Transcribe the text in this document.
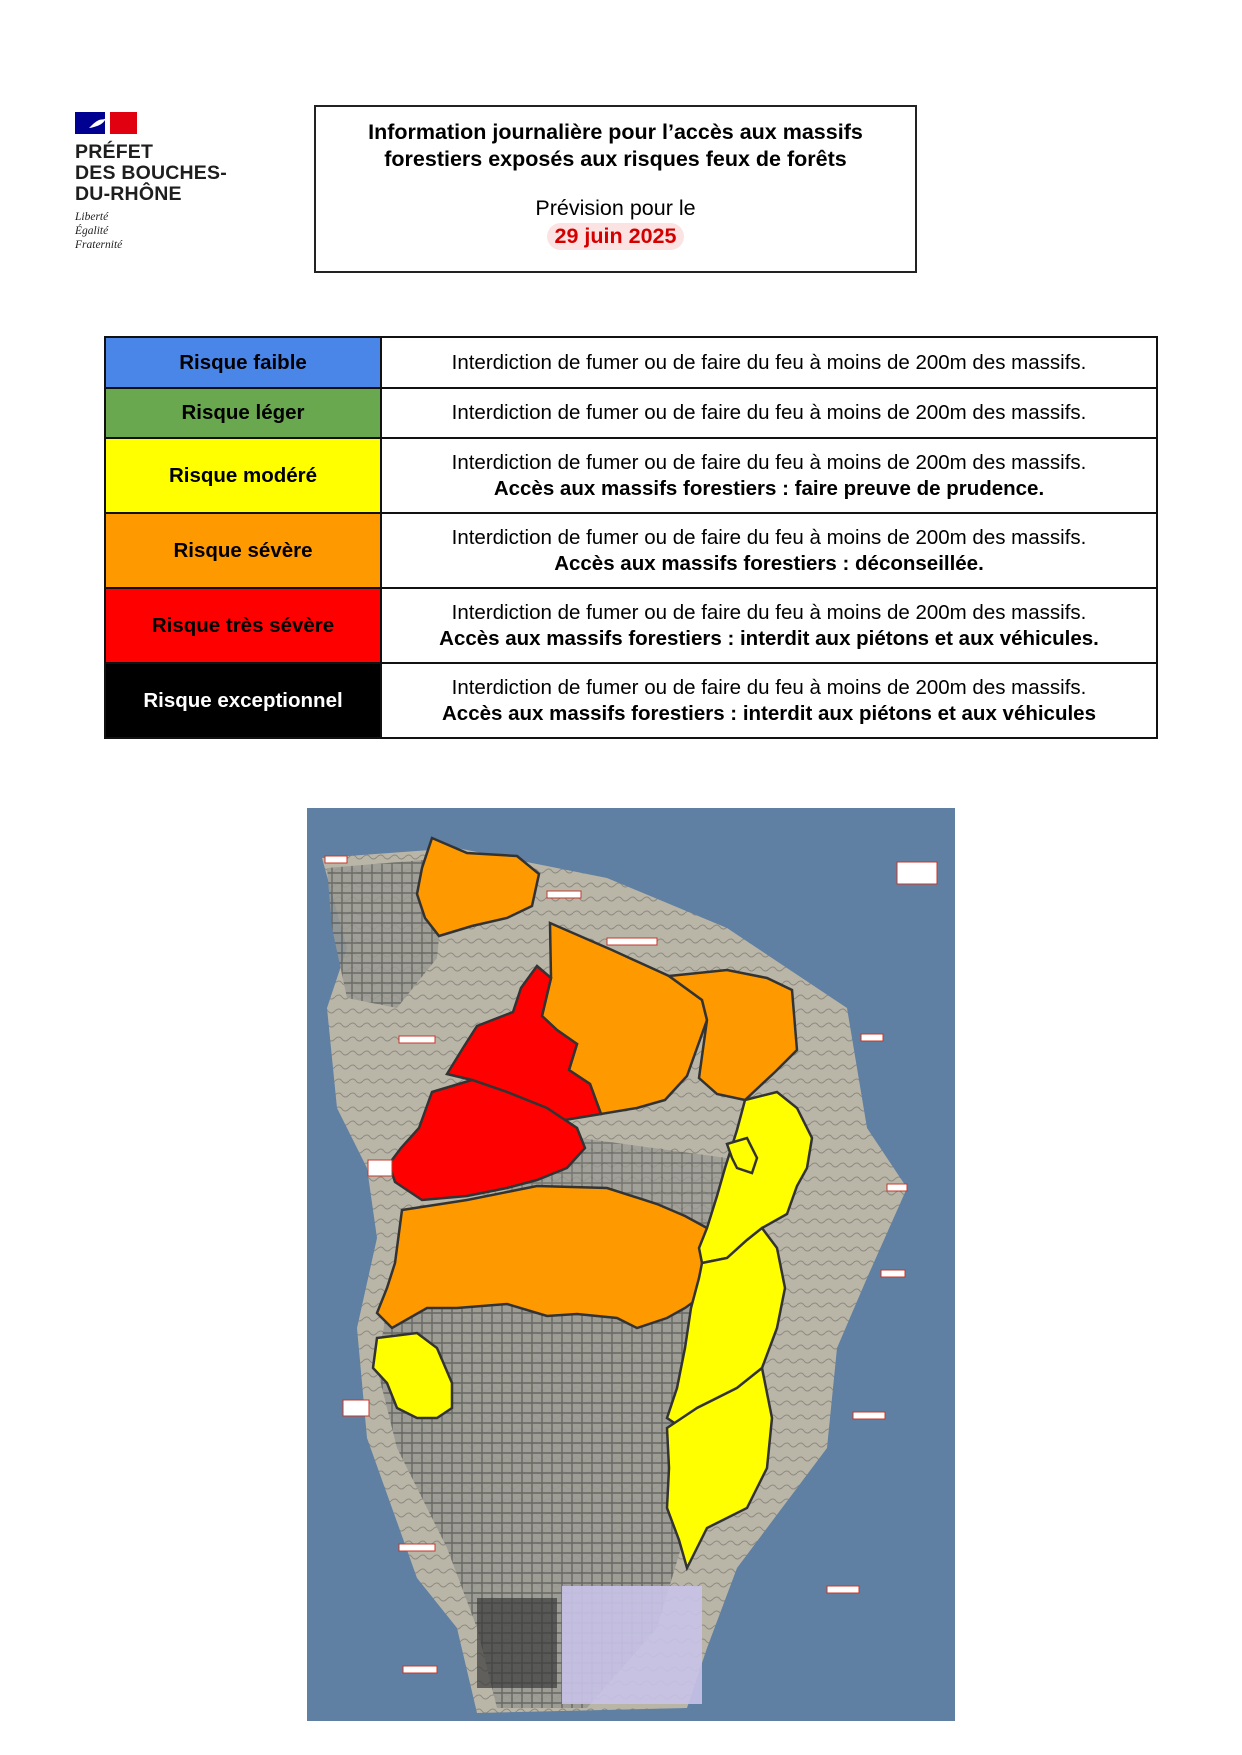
PRÉFET
DES BOUCHES-
DU-RHÔNE
Liberté
Égalité
Fraternité
Information journalière pour l’accès aux massifs
forestiers exposés aux risques feux de forêts
Prévision pour le
29 juin 2025
Risque faible	Interdiction de fumer ou de faire du feu à moins de 200m des massifs.

Risque léger	Interdiction de fumer ou de faire du feu à moins de 200m des massifs.

Risque modéré	Interdiction de fumer ou de faire du feu à moins de 200m des massifs.
Accès aux massifs forestiers : faire preuve de prudence.

Risque sévère	Interdiction de fumer ou de faire du feu à moins de 200m des massifs.
Accès aux massifs forestiers : déconseillée.

Risque très sévère	Interdiction de fumer ou de faire du feu à moins de 200m des massifs.
Accès aux massifs forestiers : interdit aux piétons et aux véhicules.

Risque exceptionnel	Interdiction de fumer ou de faire du feu à moins de 200m des massifs.
Accès aux massifs forestiers : interdit aux piétons et aux véhicules
